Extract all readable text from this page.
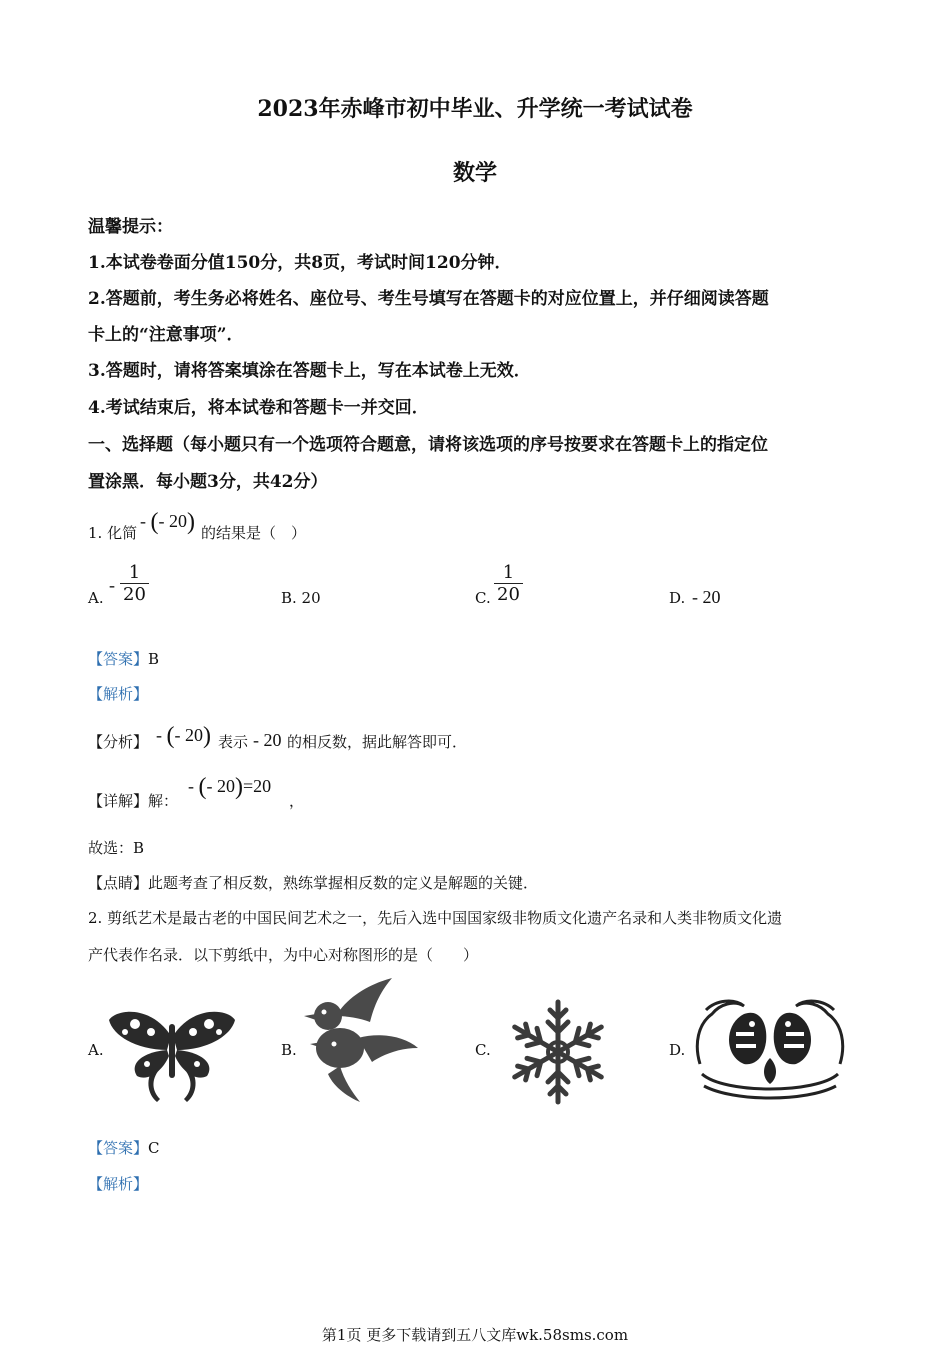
2023年赤峰市初中毕业、升学统一考试试卷
数学
温馨提示：
1.本试卷卷面分值150分，共8页，考试时间120分钟．
2.答题前，考生务必将姓名、座位号、考生号填写在答题卡的对应位置上，并仔细阅读答题
卡上的“注意事项”．
3.答题时，请将答案填涂在答题卡上，写在本试卷上无效．
4.考试结束后，将本试卷和答题卡一并交回．
一、选择题（每小题只有一个选项符合题意，请将该选项的序号按要求在答题卡上的指定位
置涂黑．每小题3分，共42分）
1. 化简
- (- 20) 的结果是（　）
A.
- $\frac{1}{20}$	B. 20	C. $\frac{1}{20}$	D. - 20
【答案】B
【解析】
【分析】 - (- 20) 表示 - 20 的相反数，据此解答即可．
【详解】解：
- (- 20)=20
，
故选：B
【点睛】此题考查了相反数，熟练掌握相反数的定义是解题的关键．
2. 剪纸艺术是最古老的中国民间艺术之一，先后入选中国国家级非物质文化遗产名录和人类非物质文化遗
产代表作名录．以下剪纸中，为中心对称图形的是（　　）
A.	B.	C.	D.
【答案】C
【解析】
第1页 更多下载请到五八文库wk.58sms.com
